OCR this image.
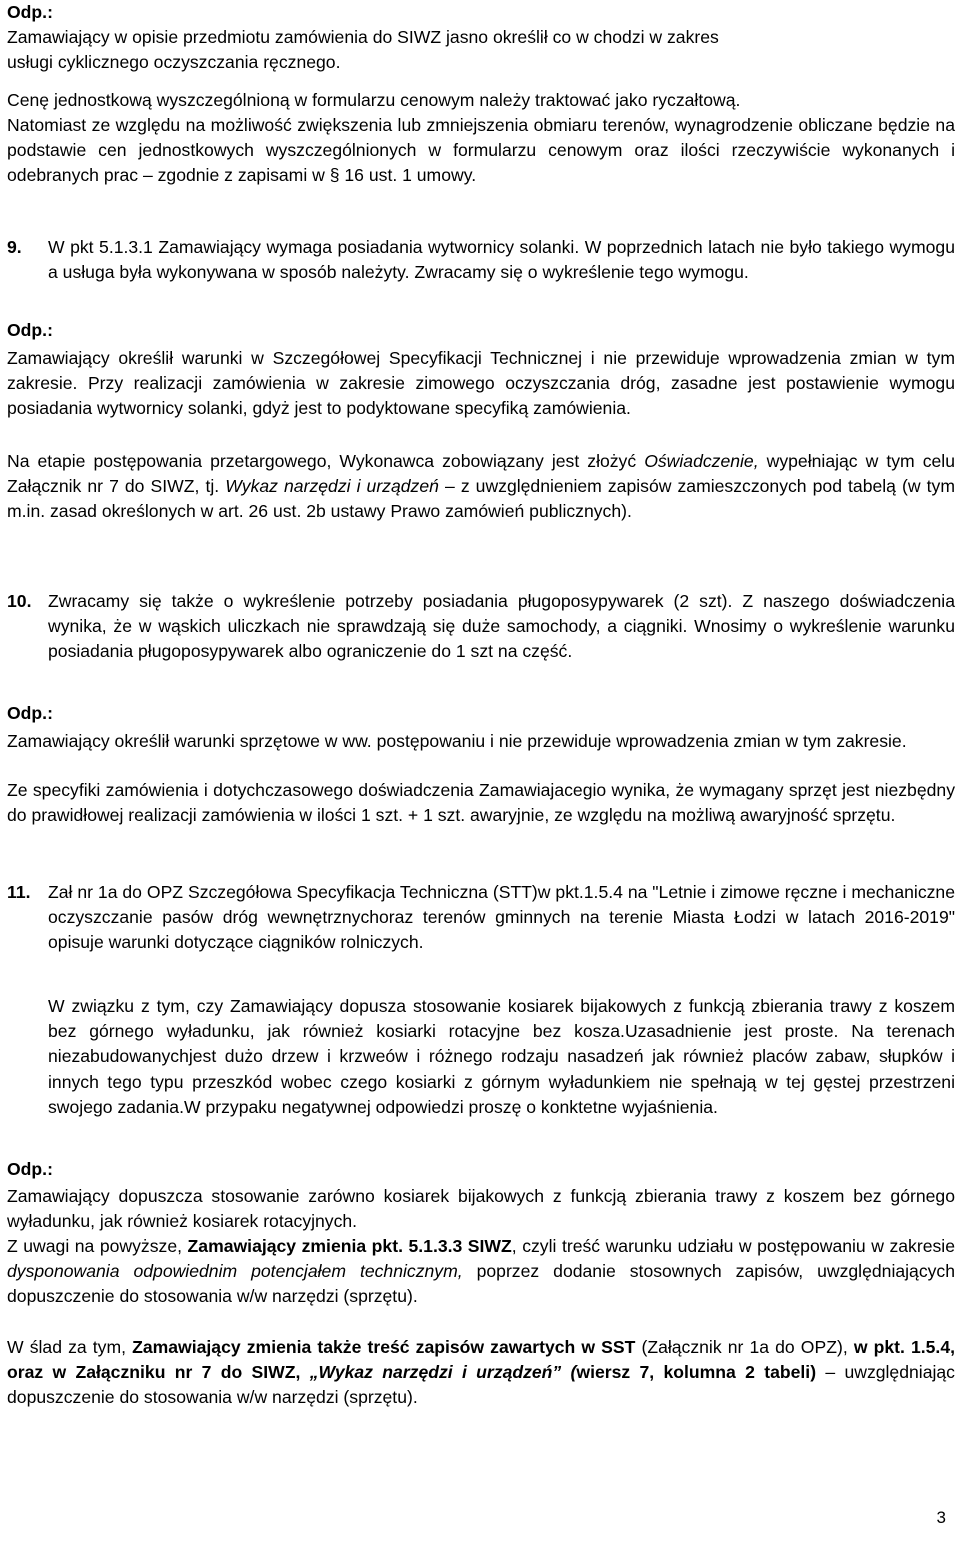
Odp.:

Zamawiający w opisie przedmiotu zamówienia do SIWZ jasno określił co w chodzi w zakres
usługi cyklicznego oczyszczania ręcznego.

Cenę jednostkową wyszczególnioną w formularzu cenowym należy traktować jako ryczałtową.

Natomiast ze względu na możliwość zwiększenia lub zmniejszenia obmiaru terenów, wynagrodzenie obliczane będzie na podstawie cen jednostkowych wyszczególnionych w formularzu cenowym oraz ilości rzeczywiście wykonanych i odebranych prac – zgodnie z zapisami w § 16 ust. 1 umowy.

9. W pkt 5.1.3.1 Zamawiający wymaga posiadania wytwornicy solanki. W poprzednich latach nie było takiego wymogu a usługa była wykonywana w sposób należyty. Zwracamy się o wykreślenie tego wymogu.

Odp.:

Zamawiający określił warunki w Szczegółowej Specyfikacji Technicznej i nie przewiduje wprowadzenia zmian w tym zakresie. Przy realizacji zamówienia w zakresie zimowego oczyszczania dróg, zasadne jest postawienie wymogu posiadania wytwornicy solanki, gdyż jest to podyktowane specyfiką zamówienia.

Na etapie postępowania przetargowego, Wykonawca zobowiązany jest złożyć Oświadczenie, wypełniając w tym celu Załącznik nr 7 do SIWZ, tj. Wykaz narzędzi i urządzeń – z uwzględnieniem zapisów zamieszczonych pod tabelą (w tym m.in. zasad określonych w art. 26 ust. 2b ustawy Prawo zamówień publicznych).

10. Zwracamy się także o wykreślenie potrzeby posiadania pługoposypywarek (2 szt). Z naszego doświadczenia wynika, że w wąskich uliczkach nie sprawdzają się duże samochody, a ciągniki. Wnosimy o wykreślenie warunku posiadania pługoposypywarek albo ograniczenie do 1 szt na część.

Odp.:

Zamawiający określił warunki sprzętowe w ww. postępowaniu i nie przewiduje wprowadzenia zmian w tym zakresie.

Ze specyfiki zamówienia i dotychczasowego doświadczenia Zamawiajacegio wynika, że wymagany sprzęt jest niezbędny do prawidłowej realizacji zamówienia w ilości 1 szt. + 1 szt. awaryjnie, ze względu na możliwą awaryjność sprzętu.

11. Zał nr 1a do OPZ Szczegółowa Specyfikacja Techniczna (STT)w pkt.1.5.4 na "Letnie i zimowe ręczne i mechaniczne oczyszczanie pasów dróg wewnętrznychoraz terenów gminnych na terenie Miasta Łodzi w latach 2016-2019" opisuje warunki dotyczące ciągników rolniczych.

W związku z tym, czy Zamawiający dopusza stosowanie kosiarek bijakowych z funkcją zbierania trawy z koszem bez górnego wyładunku, jak również kosiarki rotacyjne bez kosza.Uzasadnienie jest proste. Na terenach niezabudowanychjest dużo drzew i krzweów i różnego rodzaju nasadzeń jak również placów zabaw, słupków i innych tego typu przeszkód wobec czego kosiarki z górnym wyładunkiem nie spełnają w tej gęstej przestrzeni swojego zadania.W przypaku negatywnej odpowiedzi proszę o konktetne wyjaśnienia.

Odp.:

Zamawiający dopuszcza stosowanie zarówno kosiarek bijakowych z funkcją zbierania trawy z koszem bez górnego wyładunku, jak również kosiarek rotacyjnych.

Z uwagi na powyższe, Zamawiający zmienia pkt. 5.1.3.3 SIWZ, czyli treść warunku udziału w postępowaniu w zakresie dysponowania odpowiednim potencjałem technicznym, poprzez dodanie stosownych zapisów, uwzględniających dopuszczenie do stosowania w/w narzędzi (sprzętu).

W ślad za tym, Zamawiający zmienia także treść zapisów zawartych w SST (Załącznik nr 1a do OPZ), w pkt. 1.5.4, oraz w Załączniku nr 7 do SIWZ, „Wykaz narzędzi i urządzeń” (wiersz 7, kolumna 2 tabeli) – uwzględniając dopuszczenie do stosowania w/w narzędzi (sprzętu).

3
